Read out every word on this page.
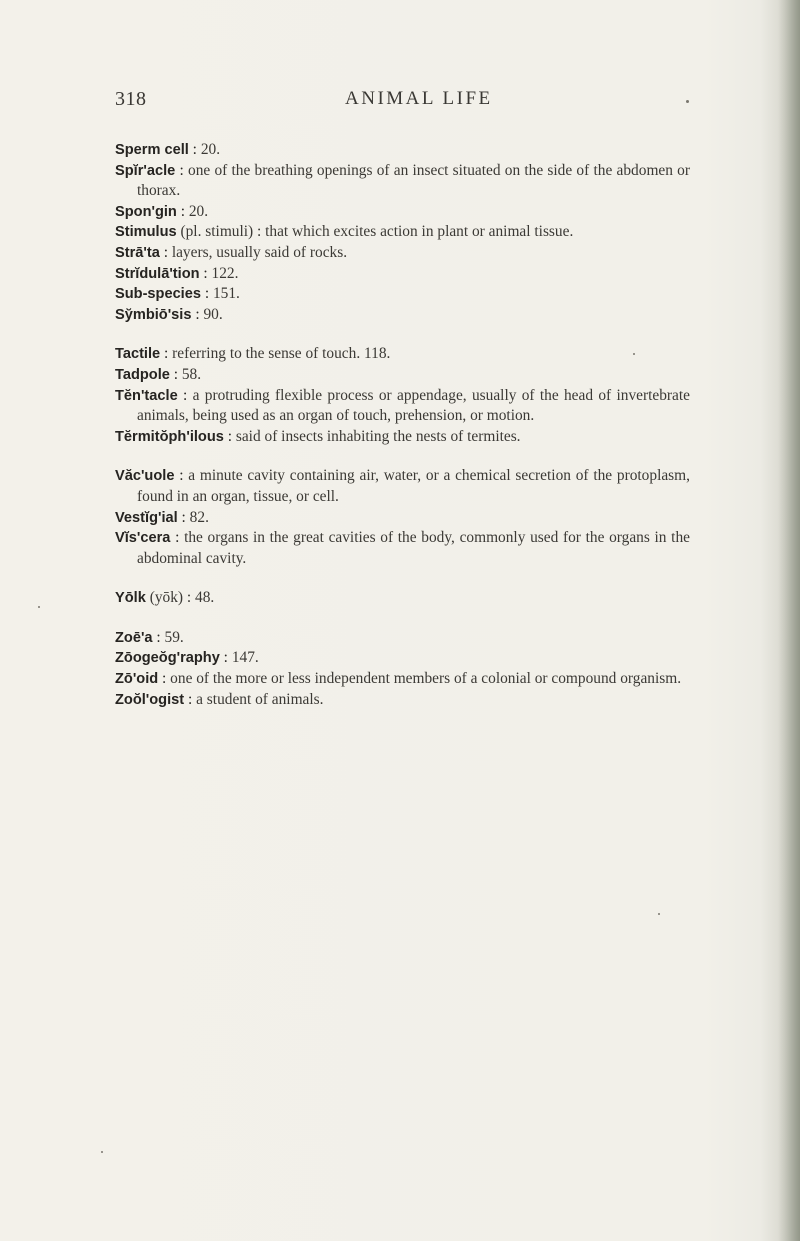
318	ANIMAL LIFE
Sperm cell : 20.
Spĭr'acle : one of the breathing openings of an insect situated on the side of the abdomen or thorax.
Spon'gin : 20.
Stimulus (pl. stimuli) : that which excites action in plant or animal tissue.
Strā'ta : layers, usually said of rocks.
Strĭdulā'tion : 122.
Sub-species : 151.
Sy̆mbiō'sis : 90.
Tactile : referring to the sense of touch. 118.
Tadpole : 58.
Tĕn'tacle : a protruding flexible process or appendage, usually of the head of invertebrate animals, being used as an organ of touch, prehension, or motion.
Tĕrmitŏph'ilous : said of insects inhabiting the nests of termites.
Văc'uole : a minute cavity containing air, water, or a chemical secretion of the protoplasm, found in an organ, tissue, or cell.
Vestĭg'ial : 82.
Vĭs'cera : the organs in the great cavities of the body, commonly used for the organs in the abdominal cavity.
Yōlk (yōk) : 48.
Zoē'a : 59.
Zōogeŏg'raphy : 147.
Zō'oid : one of the more or less independent members of a colonial or compound organism.
Zoŏl'ogist : a student of animals.
